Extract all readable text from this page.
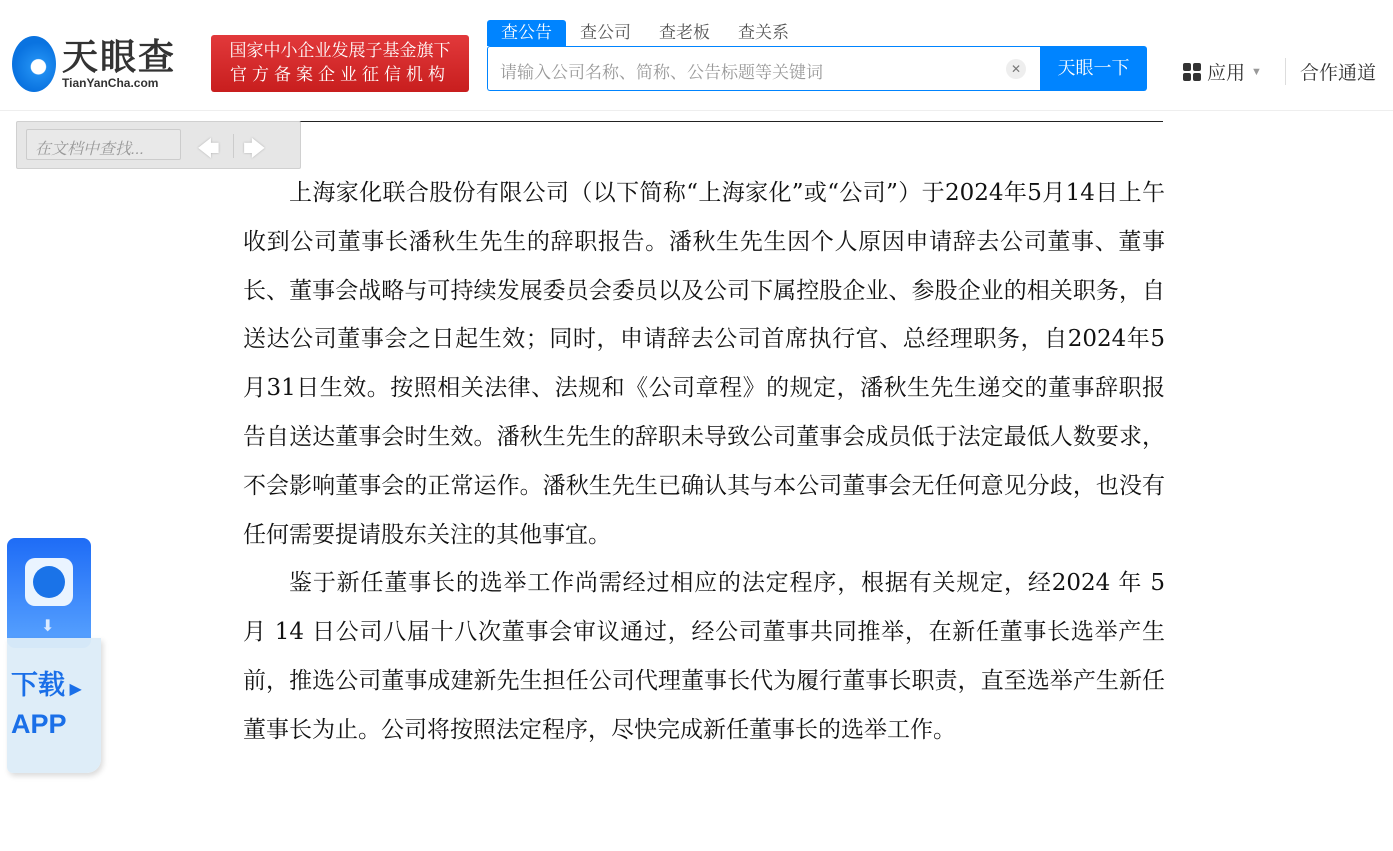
天眼查
TianYanCha.com
国家中小企业发展子基金旗下
官方备案企业征信机构
查公告	查公司	查老板	查关系
请输入公司名称、简称、公告标题等关键词	✕	天眼一下	应用 ▼	合作通道
在文档中查找...	🡄 🡆

上海家化联合股份有限公司（以下简称“上海家化”或“公司”）于2024年5月14日上午收到公司董事长潘秋生先生的辞职报告。潘秋生先生因个人原因申请辞去公司董事、董事长、董事会战略与可持续发展委员会委员以及公司下属控股企业、参股企业的相关职务，自送达公司董事会之日起生效；同时，申请辞去公司首席执行官、总经理职务，自2024年5月31日生效。按照相关法律、法规和《公司章程》的规定，潘秋生先生递交的董事辞职报告自送达董事会时生效。潘秋生先生的辞职未导致公司董事会成员低于法定最低人数要求，不会影响董事会的正常运作。潘秋生先生已确认其与本公司董事会无任何意见分歧，也没有任何需要提请股东关注的其他事宜。

鉴于新任董事长的选举工作尚需经过相应的法定程序，根据有关规定，经2024 年 5 月 14 日公司八届十八次董事会审议通过，经公司董事共同推举，在新任董事长选举产生前，推选公司董事成建新先生担任公司代理董事长代为履行董事长职责，直至选举产生新任董事长为止。公司将按照法定程序，尽快完成新任董事长的选举工作。

⬇
下载 ▶
APP
